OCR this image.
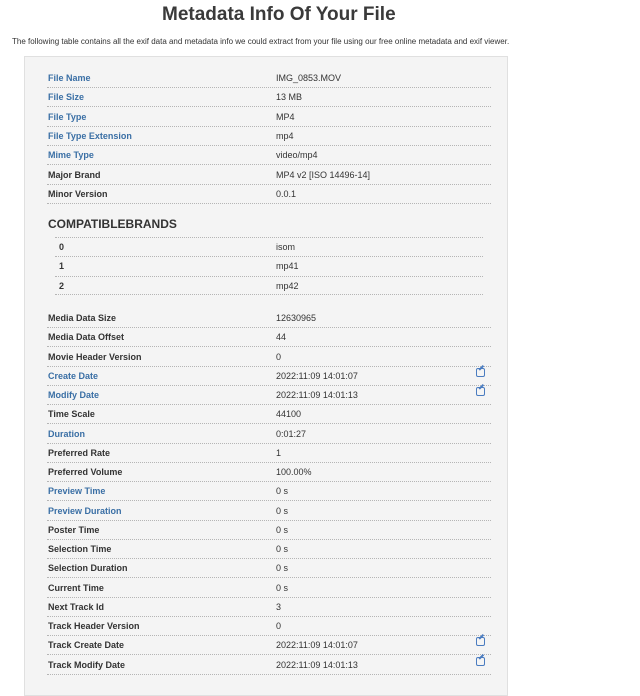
Metadata Info Of Your File
The following table contains all the exif data and metadata info we could extract from your file using our free online metadata and exif viewer.
File Name	IMG_0853.MOV
File Size	13 MB
File Type	MP4
File Type Extension	mp4
Mime Type	video/mp4
Major Brand	MP4 v2 [ISO 14496-14]
Minor Version	0.0.1
COMPATIBLEBRANDS
0	isom
1	mp41
2	mp42
Media Data Size	12630965
Media Data Offset	44
Movie Header Version	0
Create Date	2022:11:09 14:01:07
Modify Date	2022:11:09 14:01:13
Time Scale	44100
Duration	0:01:27
Preferred Rate	1
Preferred Volume	100.00%
Preview Time	0 s
Preview Duration	0 s
Poster Time	0 s
Selection Time	0 s
Selection Duration	0 s
Current Time	0 s
Next Track Id	3
Track Header Version	0
Track Create Date	2022:11:09 14:01:07
Track Modify Date	2022:11:09 14:01:13
